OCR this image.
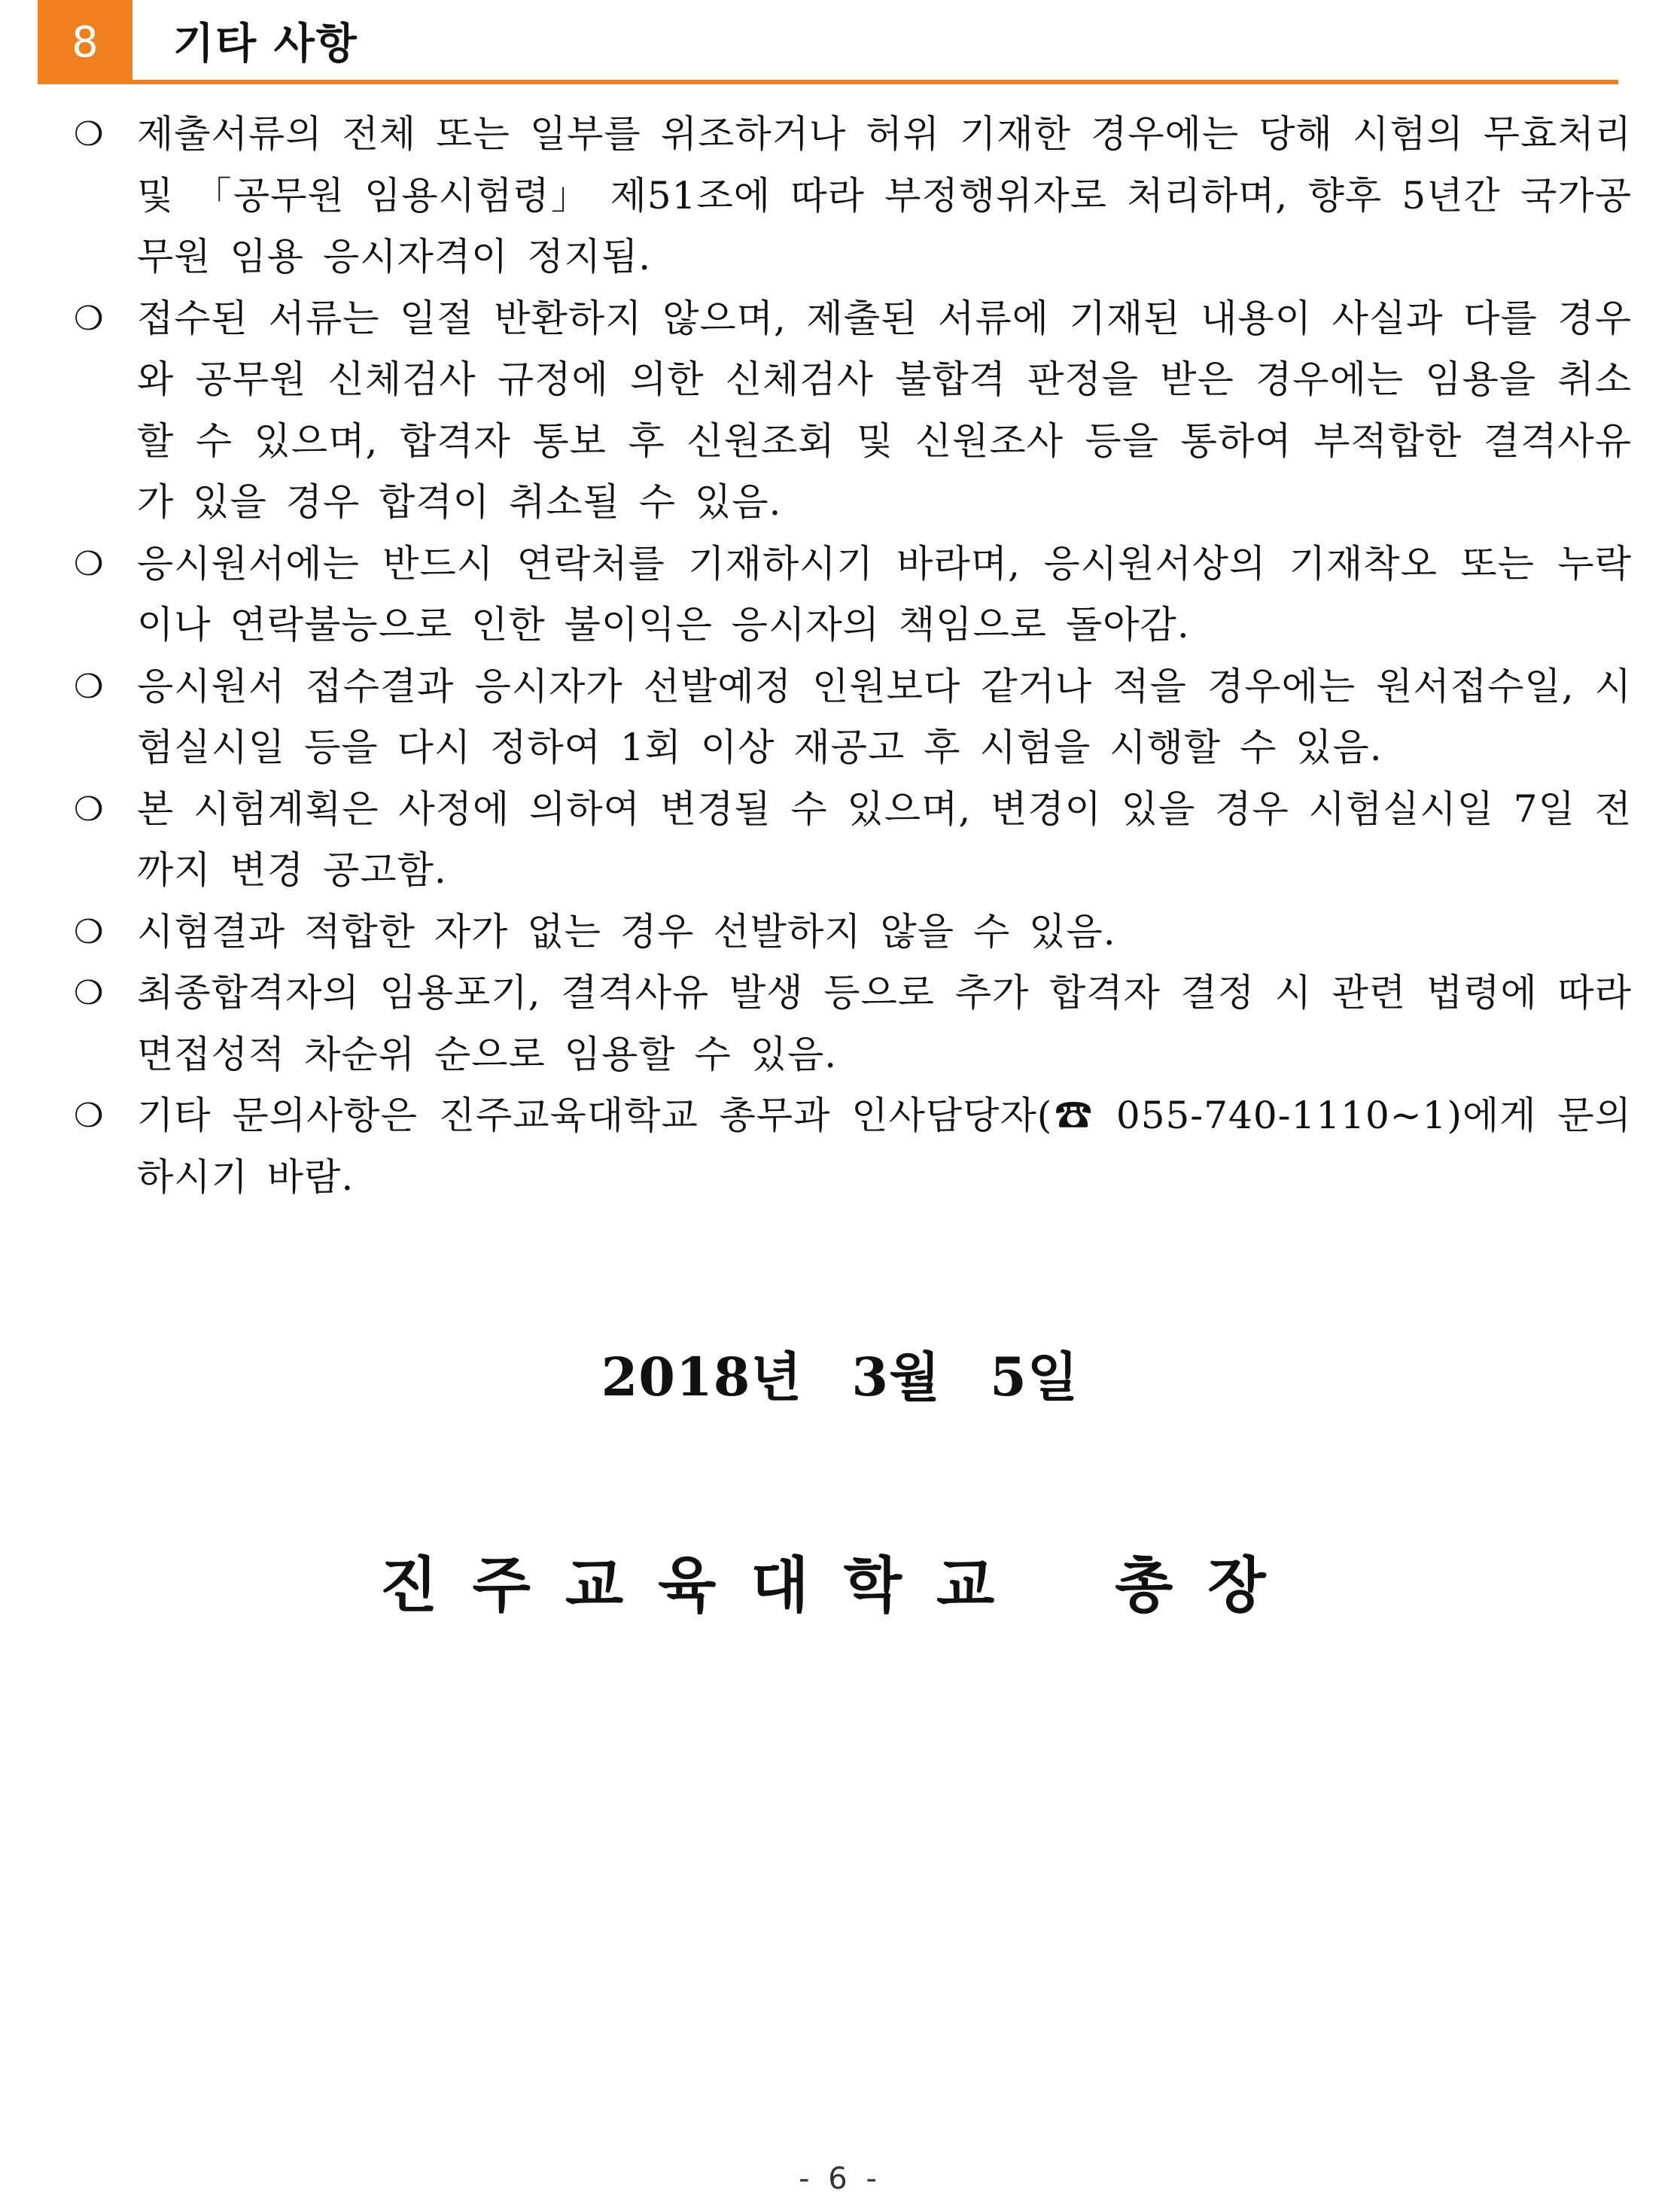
8	기타 사항
❍ 제출서류의 전체 또는 일부를 위조하거나 허위 기재한 경우에는 당해 시험의 무효처리 및 「공무원 임용시험령」 제51조에 따라 부정행위자로 처리하며, 향후 5년간 국가공무원 임용 응시자격이 정지됨.
❍ 접수된 서류는 일절 반환하지 않으며, 제출된 서류에 기재된 내용이 사실과 다를 경우와 공무원 신체검사 규정에 의한 신체검사 불합격 판정을 받은 경우에는 임용을 취소할 수 있으며, 합격자 통보 후 신원조회 및 신원조사 등을 통하여 부적합한 결격사유가 있을 경우 합격이 취소될 수 있음.
❍ 응시원서에는 반드시 연락처를 기재하시기 바라며, 응시원서상의 기재착오 또는 누락이나 연락불능으로 인한 불이익은 응시자의 책임으로 돌아감.
❍ 응시원서 접수결과 응시자가 선발예정 인원보다 같거나 적을 경우에는 원서접수일, 시험실시일 등을 다시 정하여 1회 이상 재공고 후 시험을 시행할 수 있음.
❍ 본 시험계획은 사정에 의하여 변경될 수 있으며, 변경이 있을 경우 시험실시일 7일 전까지 변경 공고함.
❍ 시험결과 적합한 자가 없는 경우 선발하지 않을 수 있음.
❍ 최종합격자의 임용포기, 결격사유 발생 등으로 추가 합격자 결정 시 관련 법령에 따라 면접성적 차순위 순으로 임용할 수 있음.
❍ 기타 문의사항은 진주교육대학교 총무과 인사담당자(☎ 055-740-1110~1)에게 문의하시기 바람.
2018년 3월 5일
진주교육대학교 총장
- 6 -
